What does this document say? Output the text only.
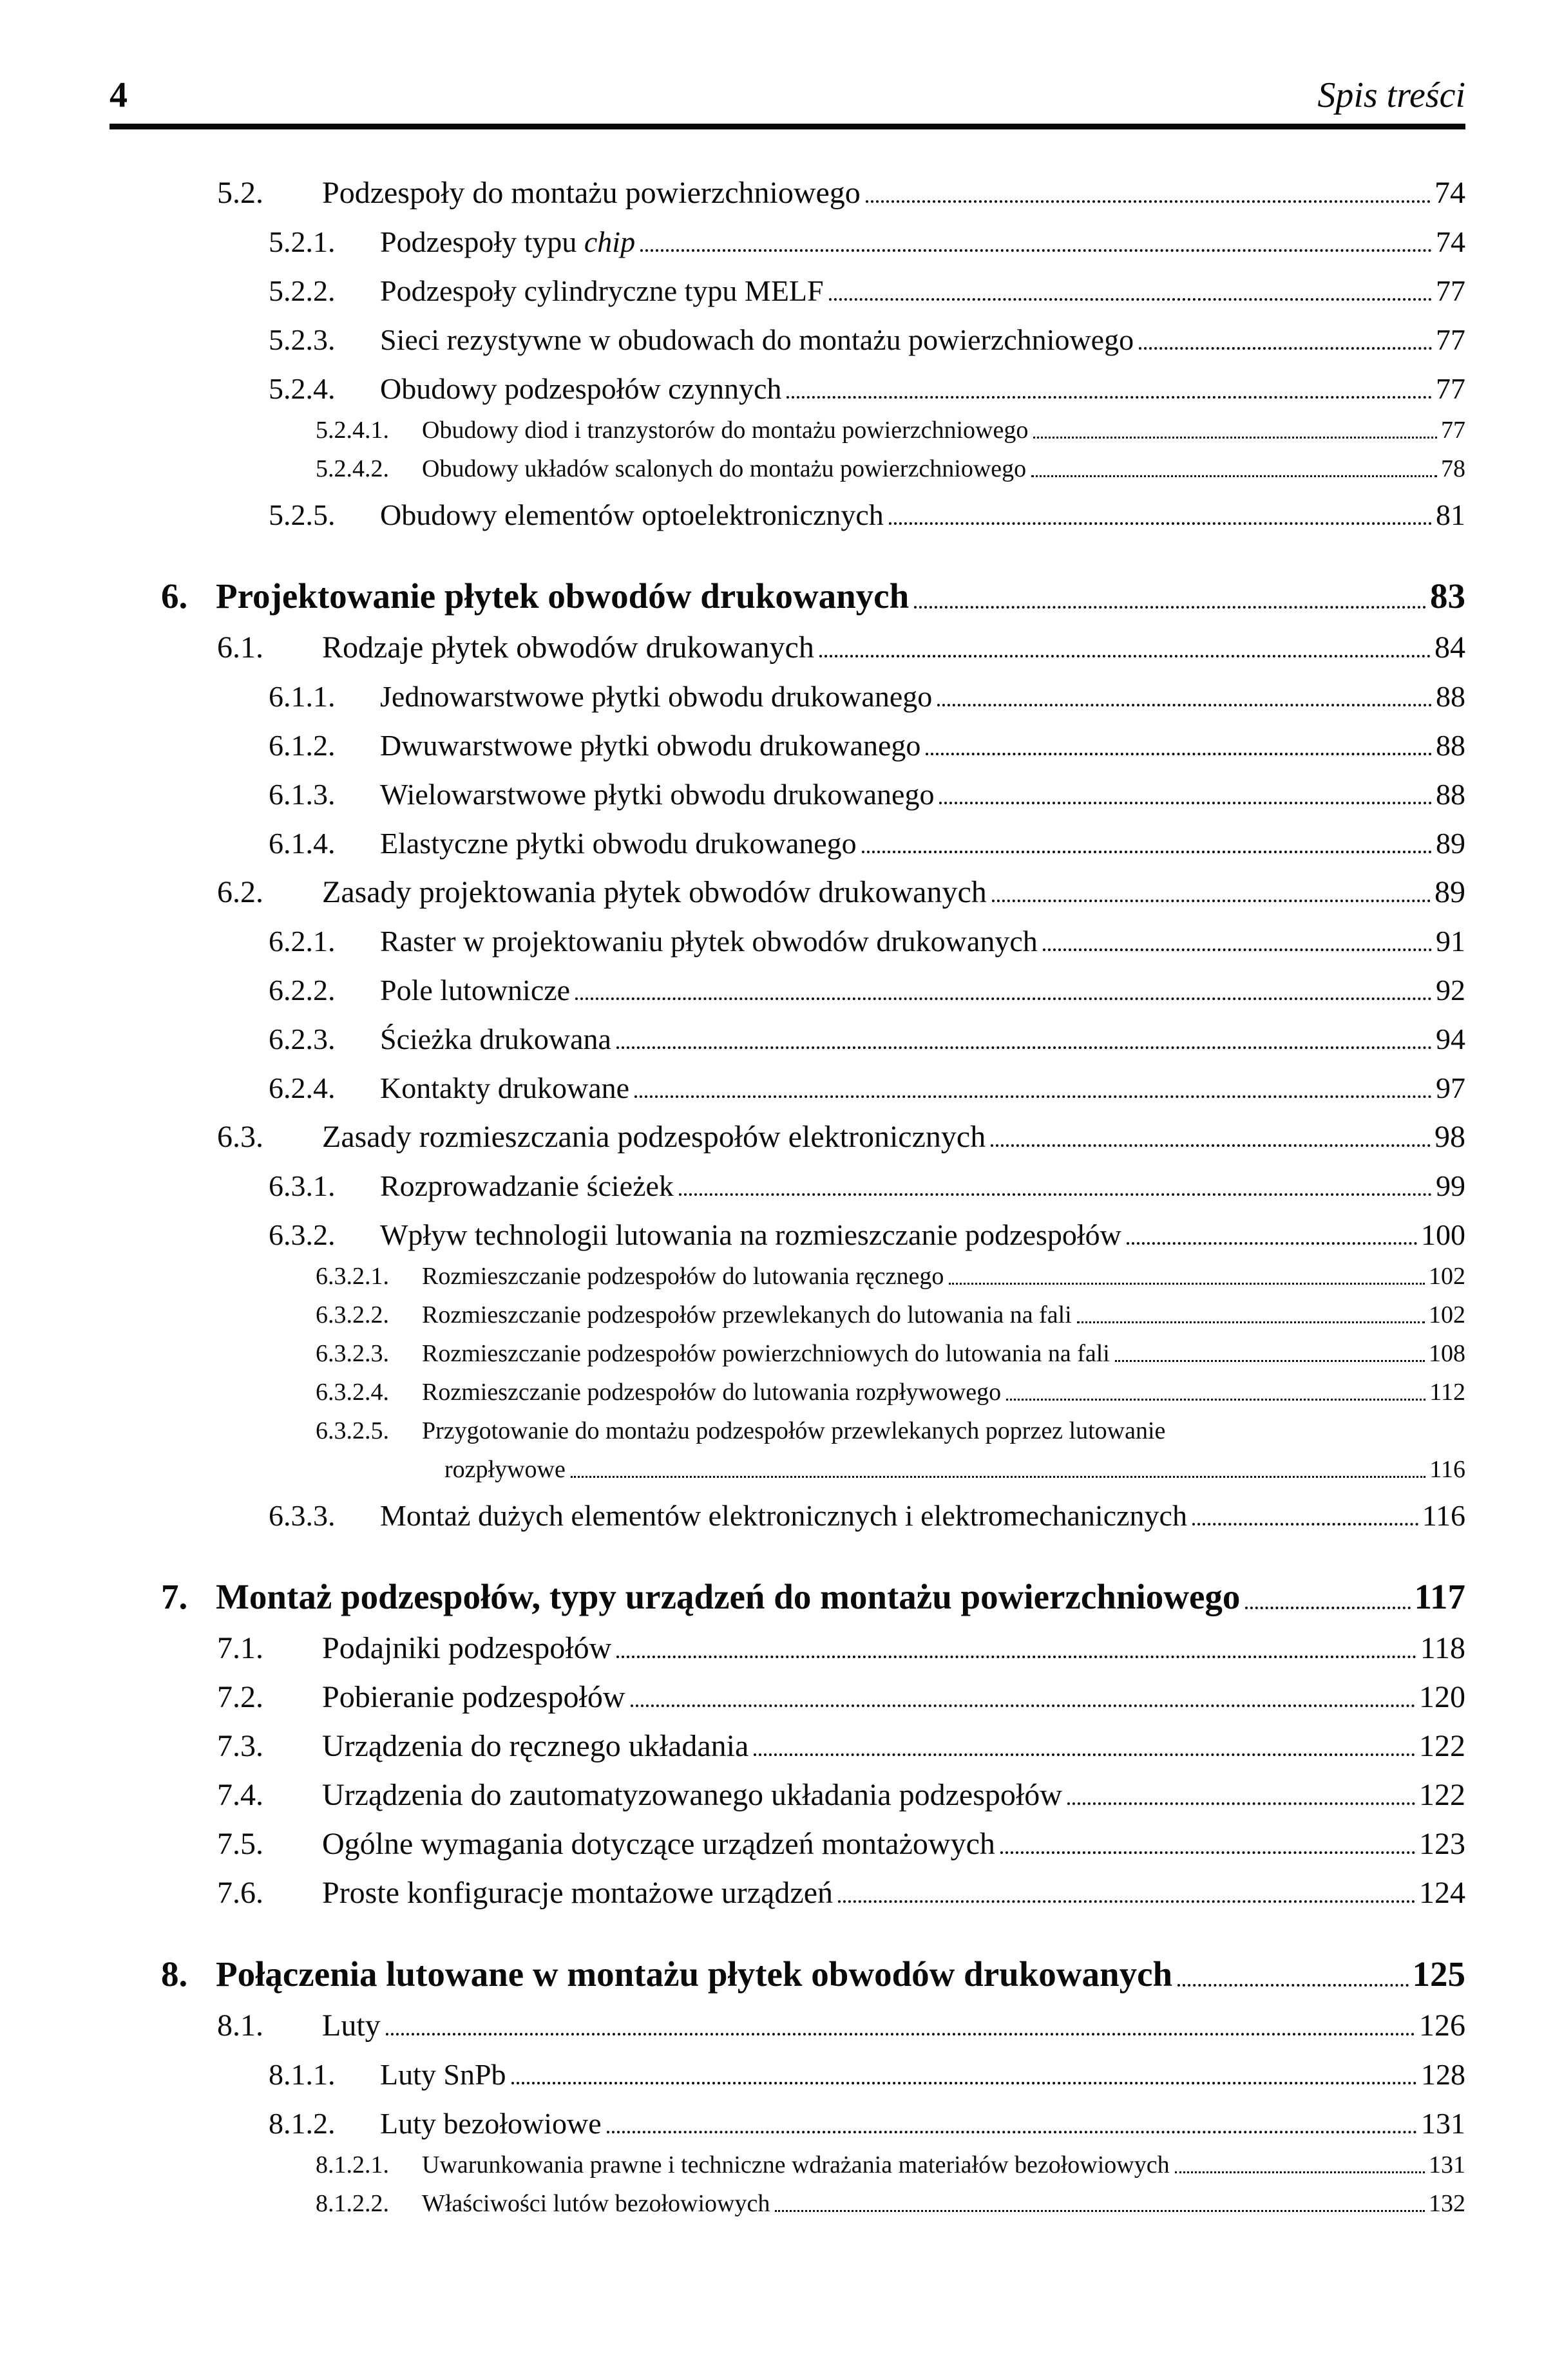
4	Spis treści
5.2.	Podzespoły do montażu powierzchniowego	74
5.2.1.	Podzespoły typu chip	74
5.2.2.	Podzespoły cylindryczne typu MELF	77
5.2.3.	Sieci rezystywne w obudowach do montażu powierzchniowego	77
5.2.4.	Obudowy podzespołów czynnych	77
5.2.4.1.	Obudowy diod i tranzystorów do montażu powierzchniowego	77
5.2.4.2.	Obudowy układów scalonych do montażu powierzchniowego	78
5.2.5.	Obudowy elementów optoelektronicznych	81
6. Projektowanie płytek obwodów drukowanych	83
6.1.	Rodzaje płytek obwodów drukowanych	84
6.1.1.	Jednowarstwowe płytki obwodu drukowanego	88
6.1.2.	Dwuwarstwowe płytki obwodu drukowanego	88
6.1.3.	Wielowarstwowe płytki obwodu drukowanego	88
6.1.4.	Elastyczne płytki obwodu drukowanego	89
6.2.	Zasady projektowania płytek obwodów drukowanych	89
6.2.1.	Raster w projektowaniu płytek obwodów drukowanych	91
6.2.2.	Pole lutownicze	92
6.2.3.	Ścieżka drukowana	94
6.2.4.	Kontakty drukowane	97
6.3.	Zasady rozmieszczania podzespołów elektronicznych	98
6.3.1.	Rozprowadzanie ścieżek	99
6.3.2.	Wpływ technologii lutowania na rozmieszczanie podzespołów	100
6.3.2.1.	Rozmieszczanie podzespołów do lutowania ręcznego	102
6.3.2.2.	Rozmieszczanie podzespołów przewlekanych do lutowania na fali	102
6.3.2.3.	Rozmieszczanie podzespołów powierzchniowych do lutowania na fali	108
6.3.2.4.	Rozmieszczanie podzespołów do lutowania rozpływowego	112
6.3.2.5.	Przygotowanie do montażu podzespołów przewlekanych poprzez lutowanie
rozpływowe	116
6.3.3.	Montaż dużych elementów elektronicznych i elektromechanicznych	116
7. Montaż podzespołów, typy urządzeń do montażu powierzchniowego	117
7.1.	Podajniki podzespołów	118
7.2.	Pobieranie podzespołów	120
7.3.	Urządzenia do ręcznego układania	122
7.4.	Urządzenia do zautomatyzowanego układania podzespołów	122
7.5.	Ogólne wymagania dotyczące urządzeń montażowych	123
7.6.	Proste konfiguracje montażowe urządzeń	124
8. Połączenia lutowane w montażu płytek obwodów drukowanych	125
8.1.	Luty	126
8.1.1.	Luty SnPb	128
8.1.2.	Luty bezołowiowe	131
8.1.2.1.	Uwarunkowania prawne i techniczne wdrażania materiałów bezołowiowych	131
8.1.2.2.	Właściwości lutów bezołowiowych	132
